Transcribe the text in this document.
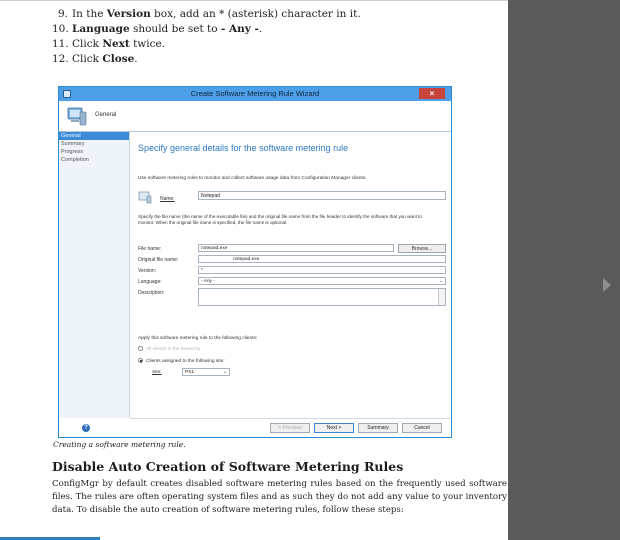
9. In the Version box, add an * (asterisk) character in it.
10. Language should be set to - Any -.
11. Click Next twice.
12. Click Close.
Create Software Metering Rule Wizard	×
General
General
Summary
Progress
Completion
Specify general details for the software metering rule
Use software metering rules to monitor and collect software usage data from Configuration Manager clients.
Name:	Notepad
Specify the file name (the name of the executable file) and the original file name from the file header to identify the software that you want to monitor. When the original file name is specified, the file name is optional.
File name:	notepad.exe	Browse...
Original file name:	notepad.exe
Version:	*
Language:	- Any -	⌄
Description:
Apply this software metering rule to the following clients:
All clients in the hierarchy
Clients assigned to the following site:
Site:	PS1	⌄
?	< Previous	Next >	Summary	Cancel
Creating a software metering rule.
Disable Auto Creation of Software Metering Rules

ConfigMgr by default creates disabled software metering rules based on the frequently used software files. The rules are often operating system files and as such they do not add any value to your inventory data. To disable the auto creation of software metering rules, follow these steps:
